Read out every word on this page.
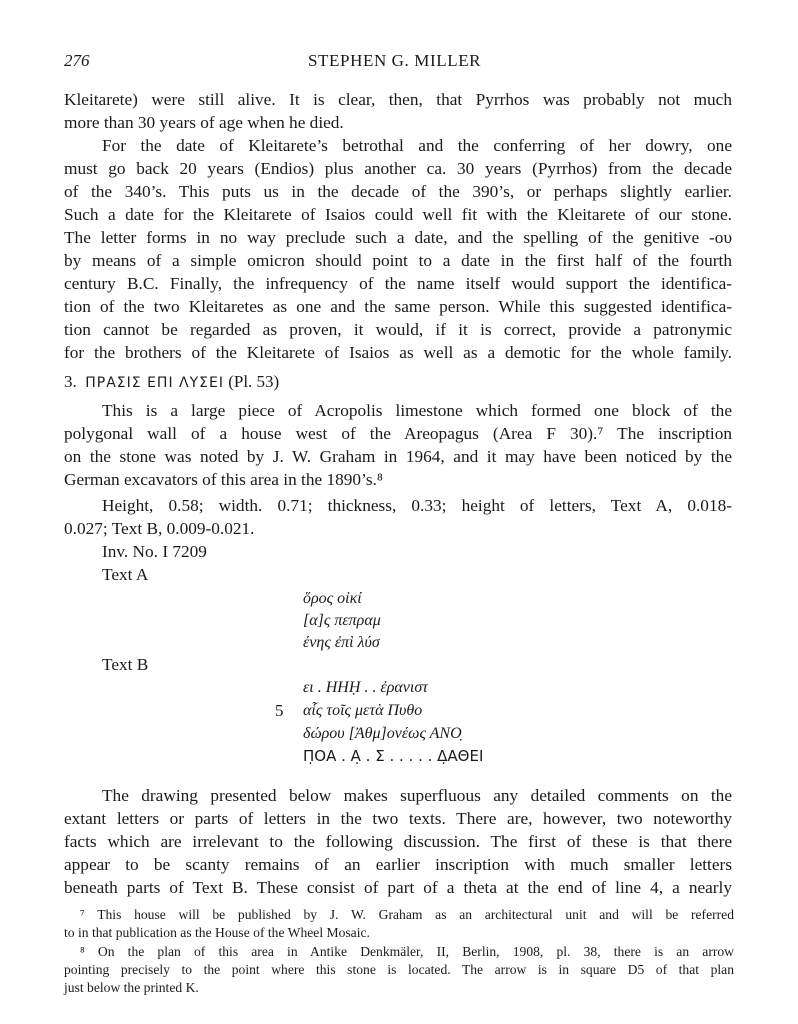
276	STEPHEN G. MILLER
Kleitarete) were still alive. It is clear, then, that Pyrrhos was probably not much
more than 30 years of age when he died.
For the date of Kleitarete’s betrothal and the conferring of her dowry, one
must go back 20 years (Endios) plus another ca. 30 years (Pyrrhos) from the decade
of the 340’s. This puts us in the decade of the 390’s, or perhaps slightly earlier.
Such a date for the Kleitarete of Isaios could well fit with the Kleitarete of our stone.
The letter forms in no way preclude such a date, and the spelling of the genitive -ου
by means of a simple omicron should point to a date in the first half of the fourth
century B.C. Finally, the infrequency of the name itself would support the identifica-
tion of the two Kleitaretes as one and the same person. While this suggested identifica-
tion cannot be regarded as proven, it would, if it is correct, provide a patronymic
for the brothers of the Kleitarete of Isaios as well as a demotic for the whole family.
3. ΠΡΑΣΙΣ ΕΠΙ ΛΥΣΕΙ (Pl. 53)
This is a large piece of Acropolis limestone which formed one block of the
polygonal wall of a house west of the Areopagus (Area F 30).⁷ The inscription
on the stone was noted by J. W. Graham in 1964, and it may have been noticed by the
German excavators of this area in the 1890’s.⁸
Height, 0.58; width. 0.71; thickness, 0.33; height of letters, Text A, 0.018-
0.027; Text B, 0.009-0.021.
Inv. No. I 7209
Text A
ὅρος οἰκί
[α]ς πεπραμ
ένης ἐπὶ λύσ
Text B
ει . ΗΗḤ . . ἐρανιστ
5 αἷς τοῖς μετὰ Πυθο
δώρου [Ἀθμ]ονέως ΑΝΟ̣
Π̣ΟΑ . Α̣ . Σ . . . . . Δ̣ΑΘΕΙ
The drawing presented below makes superfluous any detailed comments on the
extant letters or parts of letters in the two texts. There are, however, two noteworthy
facts which are irrelevant to the following discussion. The first of these is that there
appear to be scanty remains of an earlier inscription with much smaller letters
beneath parts of Text B. These consist of part of a theta at the end of line 4, a nearly
⁷ This house will be published by J. W. Graham as an architectural unit and will be referred
to in that publication as the House of the Wheel Mosaic.
⁸ On the plan of this area in Antike Denkmäler, II, Berlin, 1908, pl. 38, there is an arrow
pointing precisely to the point where this stone is located. The arrow is in square D5 of that plan
just below the printed K.
